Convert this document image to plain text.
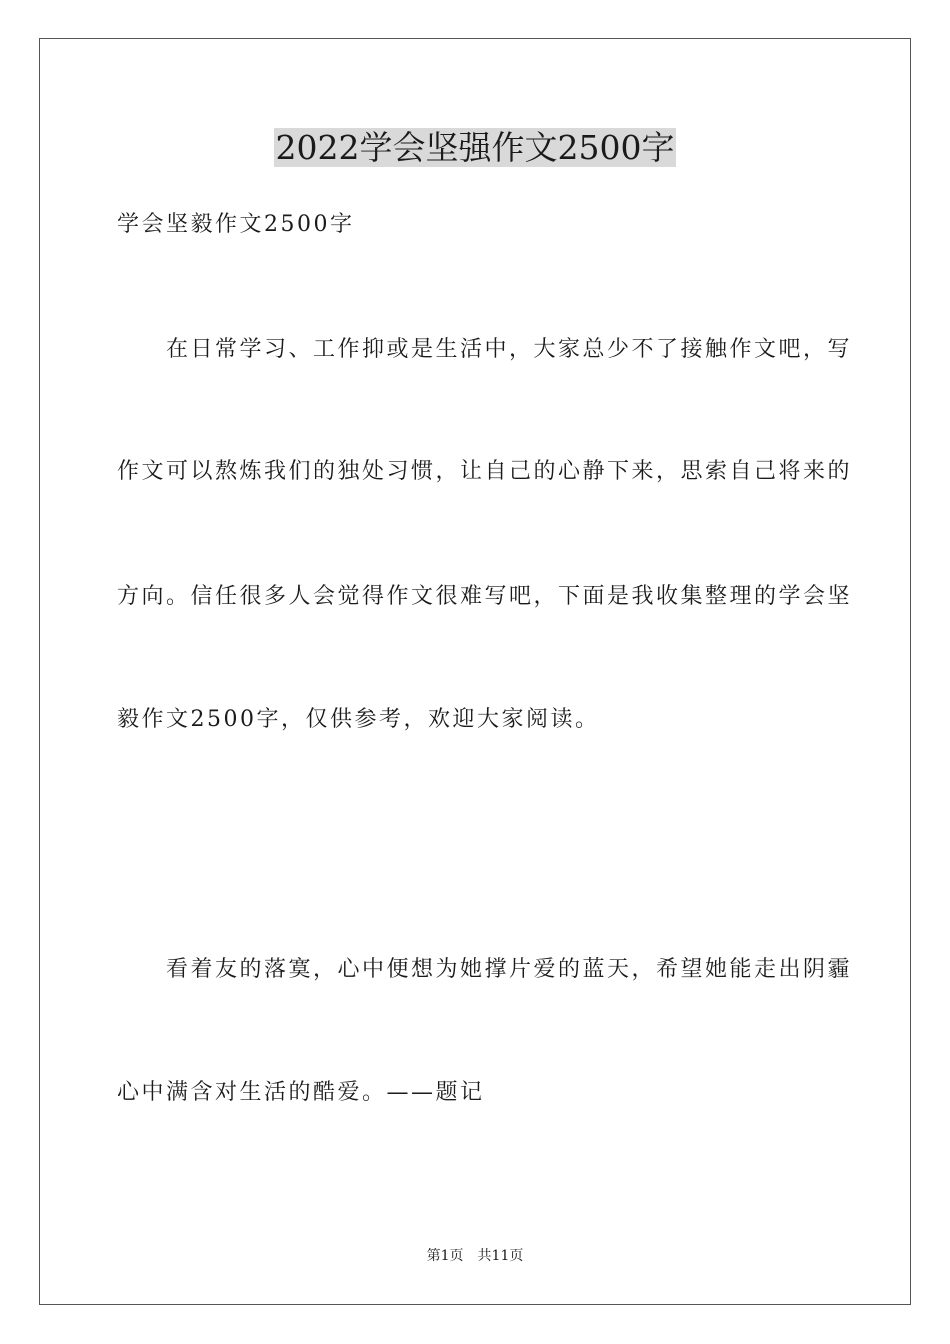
2022学会坚强作文2500字
学会坚毅作文2500字
　　在日常学习、工作抑或是生活中，大家总少不了接触作文吧，写
作文可以熬炼我们的独处习惯，让自己的心静下来，思索自己将来的
方向。信任很多人会觉得作文很难写吧，下面是我收集整理的学会坚
毅作文2500字，仅供参考，欢迎大家阅读。
　　看着友的落寞，心中便想为她撑片爱的蓝天，希望她能走出阴霾
心中满含对生活的酷爱。——题记
第1页　共11页
